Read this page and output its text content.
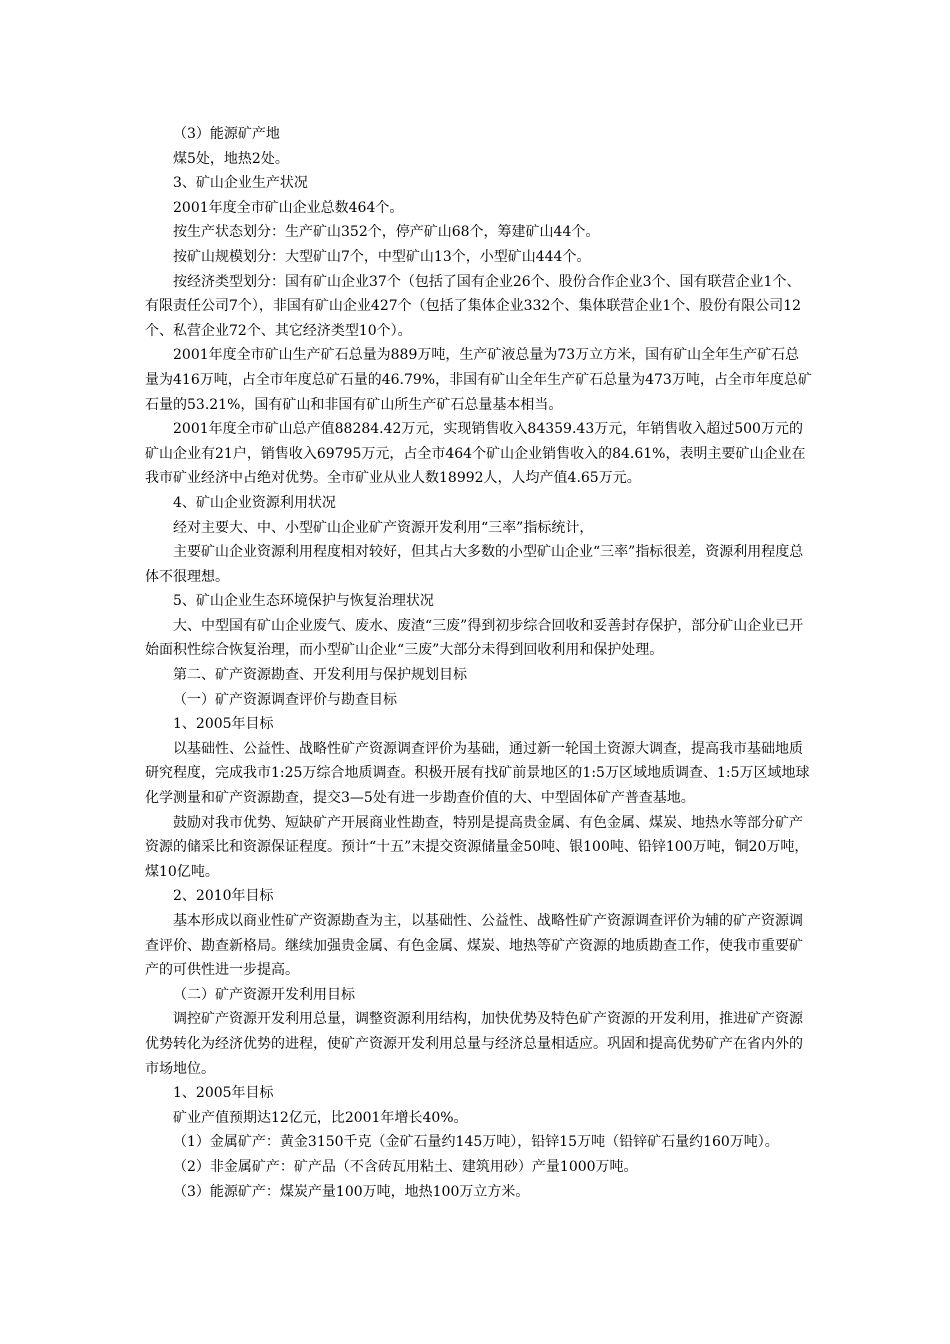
（3）能源矿产地

煤5处，地热2处。

3、矿山企业生产状况

2001年度全市矿山企业总数464个。

按生产状态划分：生产矿山352个，停产矿山68个，筹建矿山44个。

按矿山规模划分：大型矿山7个，中型矿山13个，小型矿山444个。

按经济类型划分：国有矿山企业37个（包括了国有企业26个、股份合作企业3个、国有联营企业1个、有限责任公司7个），非国有矿山企业427个（包括了集体企业332个、集体联营企业1个、股份有限公司12个、私营企业72个、其它经济类型10个）。

2001年度全市矿山生产矿石总量为889万吨，生产矿液总量为73万立方米，国有矿山全年生产矿石总量为416万吨，占全市年度总矿石量的46.79%，非国有矿山全年生产矿石总量为473万吨，占全市年度总矿石量的53.21%，国有矿山和非国有矿山所生产矿石总量基本相当。

2001年度全市矿山总产值88284.42万元，实现销售收入84359.43万元，年销售收入超过500万元的矿山企业有21户，销售收入69795万元，占全市464个矿山企业销售收入的84.61%，表明主要矿山企业在我市矿业经济中占绝对优势。全市矿业从业人数18992人，人均产值4.65万元。

4、矿山企业资源利用状况

经对主要大、中、小型矿山企业矿产资源开发利用“三率”指标统计，

主要矿山企业资源利用程度相对较好，但其占大多数的小型矿山企业“三率”指标很差，资源利用程度总体不很理想。

5、矿山企业生态环境保护与恢复治理状况

大、中型国有矿山企业废气、废水、废渣“三废”得到初步综合回收和妥善封存保护，部分矿山企业已开始面积性综合恢复治理，而小型矿山企业“三废”大部分未得到回收利用和保护处理。

第二、矿产资源勘查、开发利用与保护规划目标

（一）矿产资源调查评价与勘查目标

1、2005年目标

以基础性、公益性、战略性矿产资源调查评价为基础，通过新一轮国土资源大调查，提高我市基础地质研究程度，完成我市1:25万综合地质调查。积极开展有找矿前景地区的1:5万区域地质调查、1:5万区域地球化学测量和矿产资源勘查，提交3—5处有进一步勘查价值的大、中型固体矿产普查基地。

鼓励对我市优势、短缺矿产开展商业性勘查，特别是提高贵金属、有色金属、煤炭、地热水等部分矿产资源的储采比和资源保证程度。预计“十五”末提交资源储量金50吨、银100吨、铅锌100万吨，铜20万吨，煤10亿吨。

2、2010年目标

基本形成以商业性矿产资源勘查为主，以基础性、公益性、战略性矿产资源调查评价为辅的矿产资源调查评价、勘查新格局。继续加强贵金属、有色金属、煤炭、地热等矿产资源的地质勘查工作，使我市重要矿产的可供性进一步提高。

（二）矿产资源开发利用目标

调控矿产资源开发利用总量，调整资源利用结构，加快优势及特色矿产资源的开发利用，推进矿产资源优势转化为经济优势的进程，使矿产资源开发利用总量与经济总量相适应。巩固和提高优势矿产在省内外的市场地位。

1、2005年目标

矿业产值预期达12亿元，比2001年增长40%。

（1）金属矿产：黄金3150千克（金矿石量约145万吨），铅锌15万吨（铅锌矿石量约160万吨）。

（2）非金属矿产：矿产品（不含砖瓦用粘土、建筑用砂）产量1000万吨。

（3）能源矿产：煤炭产量100万吨，地热100万立方米。
